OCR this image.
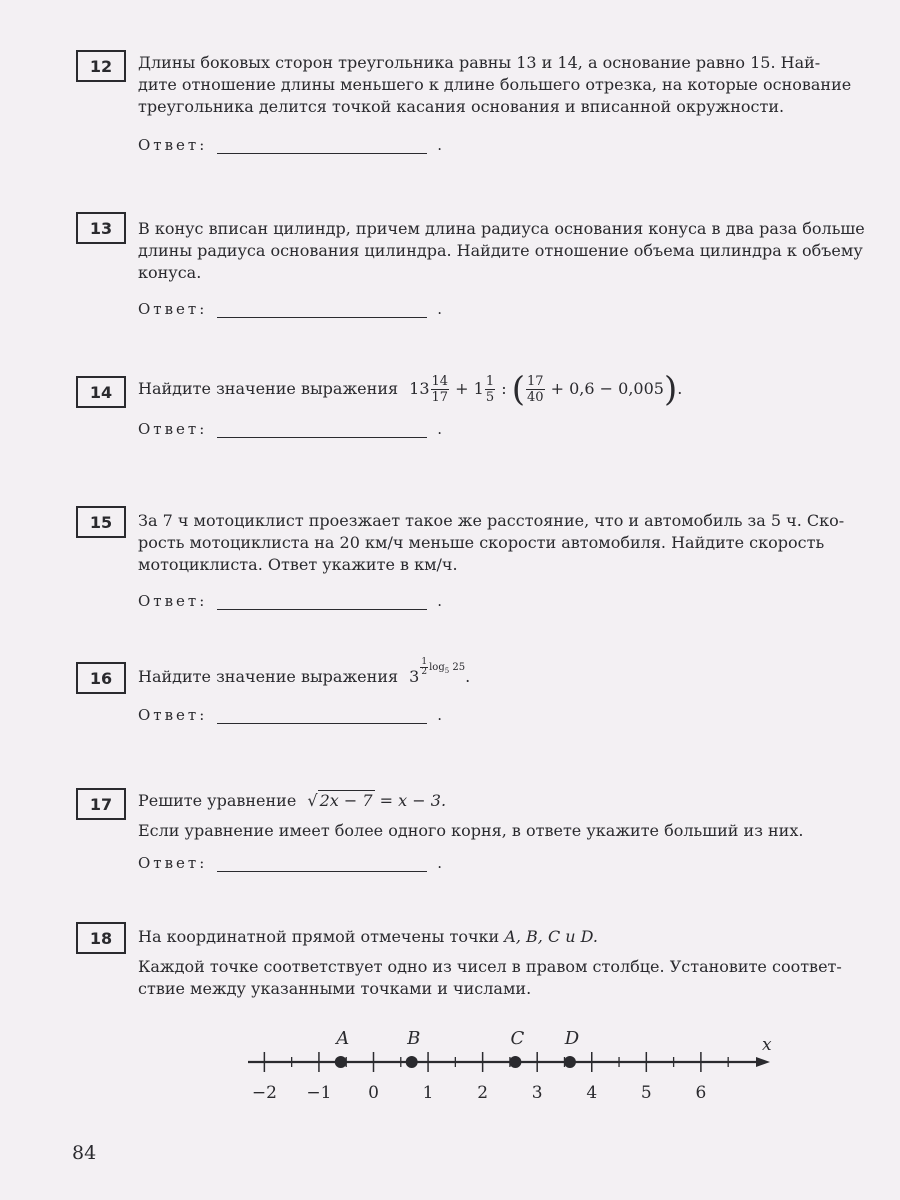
12	Длины боковых сторон треугольника равны 13 и 14, а основание равно 15. Най-
дите отношение длины меньшего к длине большего отрезка, на которые основание
треугольника делится точкой касания основания и вписанной окружности.
Ответ:	.
13	В конус вписан цилиндр, причем длина радиуса основания конуса в два раза больше
длины радиуса основания цилиндра. Найдите отношение объема цилиндра к объему
конуса.
Ответ:	.
14	Найдите значение выражения $13 \frac{14}{17} + 1 \frac{1}{5}$ : ( $\frac{17}{40} + 0,6 - 0,005$).
Ответ:	.
15	За 7 ч мотоциклист проезжает такое же расстояние, что и автомобиль за 5 ч. Ско-
рость мотоциклиста на 20 км/ч меньше скорости автомобиля. Найдите скорость
мотоциклиста. Ответ укажите в км/ч.
Ответ:	.
16	Найдите значение выражения 3 $^{\frac{1}{2} log_5 25}$.
Ответ:	.
17	Решите уравнение √ 2x − 7 = x − 3.
Если уравнение имеет более одного корня, в ответе укажите больший из них.
Ответ:	.
18	На координатной прямой отмечены точки A, B, C и D.
Каждой точке соответствует одно из чисел в правом столбце. Установите соответ-
ствие между указанными точками и числами.
x
−2 −1 0	1	2	3	4	5	6
A	B	C D
84
